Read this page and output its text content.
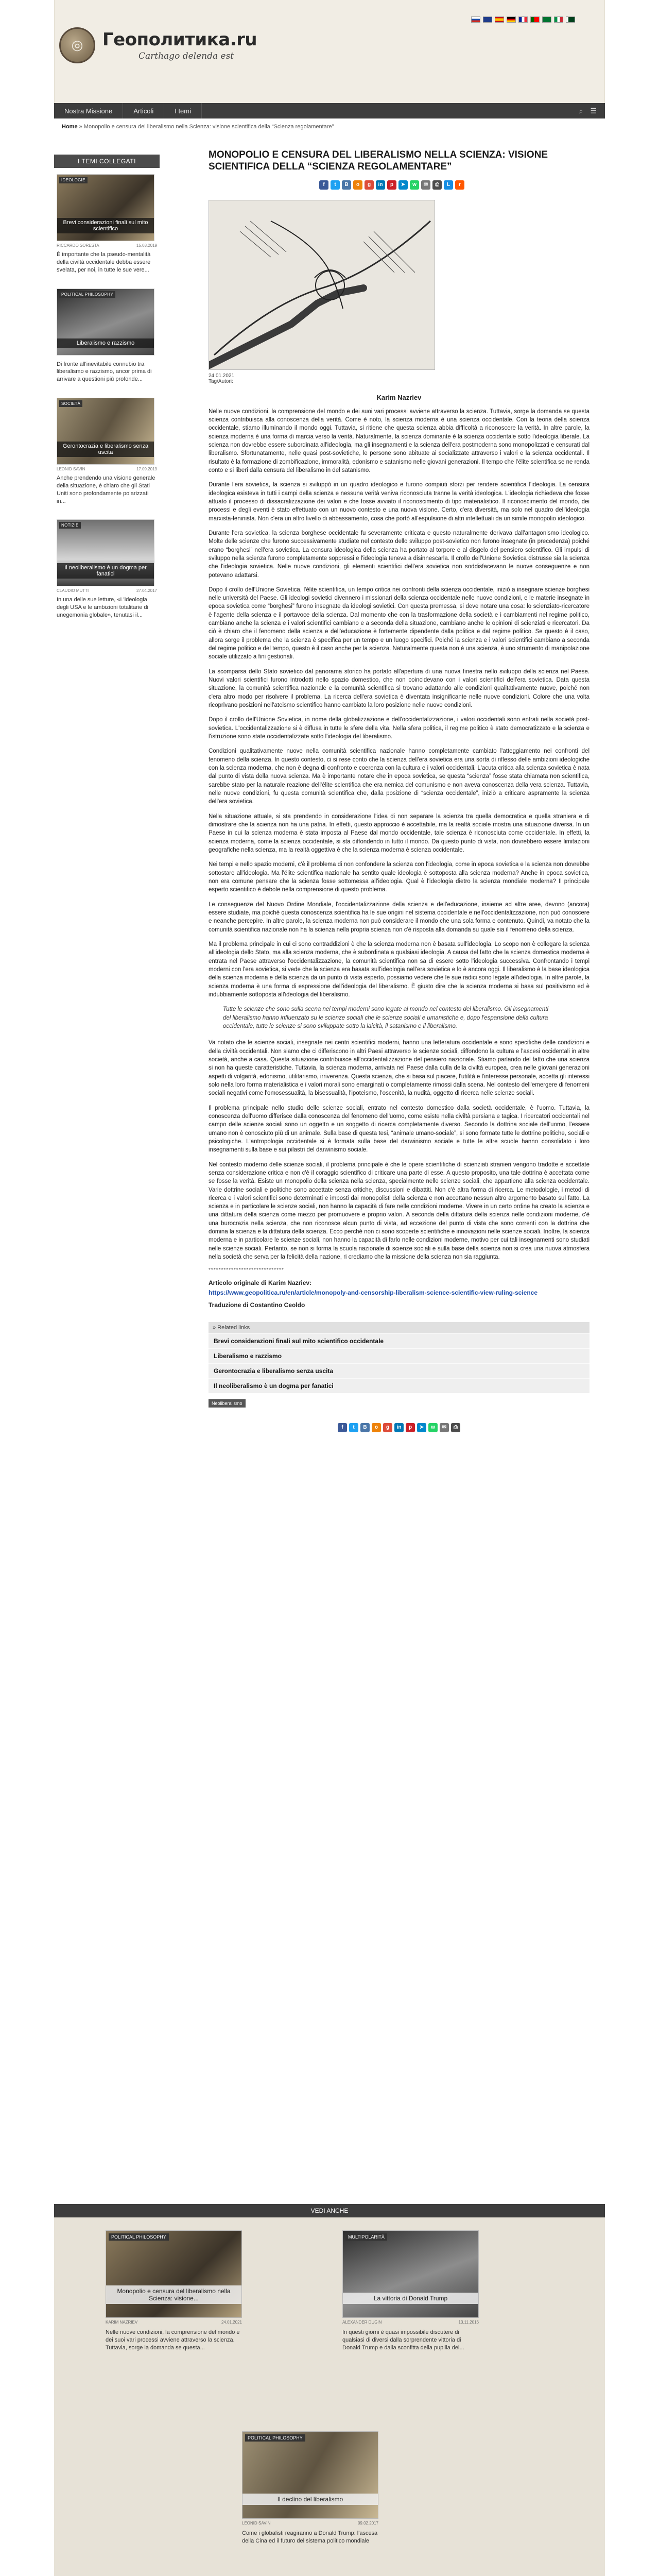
◎	Геополитика.ru
Carthago delenda est
Nostra Missione	Articoli	I temi	⌕ ☰
Home » Monopolio e censura del liberalismo nella Scienza: visione scientifica della “Scienza regolamentare”
I TEMI COLLEGATI
IDEOLOGIE
Brevi considerazioni finali sul mito scientifico
RICCARDO SORESTA	15.03.2019
È importante che la pseudo-mentalità della civiltà occidentale debba essere svelata, per noi, in tutte le sue vere...
POLITICAL PHILOSOPHY
Liberalismo e razzismo
Di fronte all'inevitabile connubio tra liberalismo e razzismo, ancor prima di arrivare a questioni più profonde...
SOCIETÀ
Gerontocrazia e liberalismo senza uscita
LEONID SAVIN	17.09.2019
Anche prendendo una visione generale della situazione, è chiaro che gli Stati Uniti sono profondamente polarizzati in...
NOTIZIE
Il neoliberalismo è un dogma per fanatici
CLAUDIO MUTTI	27.04.2017
In una delle sue letture, «L'ideologia degli USA e le ambizioni totalitarie di unegemonia globale», tenutasi il...
MONOPOLIO E CENSURA DEL LIBERALISMO NELLA SCIENZA: VISIONE SCIENTIFICA DELLA “SCIENZA REGOLAMENTARE”
f	t	B	o	g	in	p	➤	w	✉	⎙	L	r
24.01.2021
Tag/Autori:
Karim Nazriev

Nelle nuove condizioni, la comprensione del mondo e dei suoi vari processi avviene attraverso la scienza. Tuttavia, sorge la domanda se questa scienza contribuisca alla conoscenza della verità. Come è noto, la scienza moderna è una scienza occidentale. Con la teoria della scienza occidentale, stiamo illuminando il mondo oggi. Tuttavia, si ritiene che questa scienza abbia difficoltà a riconoscere la verità. In altre parole, la scienza moderna è una forma di marcia verso la verità. Naturalmente, la scienza dominante è la scienza occidentale sotto l'ideologia liberale. La scienza non dovrebbe essere subordinata all'ideologia, ma gli insegnamenti e la scienza dell'era postmoderna sono monopolizzati e censurati dal liberalismo. Sfortunatamente, nelle quasi post-sovietiche, le persone sono abituate ai socializzate attraverso i valori e la scienza occidentali. Il risultato è la formazione di zombificazione, immoralità, edonismo e satanismo nelle giovani generazioni. Il tempo che l'élite scientifica se ne renda conto e si liberi dalla censura del liberalismo in del satanismo.

Durante l'era sovietica, la scienza si sviluppò in un quadro ideologico e furono compiuti sforzi per rendere scientifica l'ideologia. La censura ideologica esisteva in tutti i campi della scienza e nessuna verità veniva riconosciuta tranne la verità ideologica. L'ideologia richiedeva che fosse attuato il processo di dissacralizzazione dei valori e che fosse avviato il riconoscimento di tipo materialistico. Il riconoscimento del mondo, dei processi e degli eventi è stato effettuato con un nuovo contesto e una nuova visione. Certo, c'era diversità, ma solo nel quadro dell'ideologia marxista-leninista. Non c'era un altro livello di abbassamento, cosa che portò all'espulsione di altri intellettuali da un simile monopolio ideologico.

Durante l'era sovietica, la scienza borghese occidentale fu severamente criticata e questo naturalmente derivava dall'antagonismo ideologico. Molte delle scienze che furono successivamente studiate nel contesto dello sviluppo post-sovietico non furono insegnate (in precedenza) poiché erano “borghesi” nell'era sovietica. La censura ideologica della scienza ha portato al torpore e al disgelo del pensiero scientifico. Gli impulsi di sviluppo nella scienza furono completamente soppressi e l'ideologia teneva a disinnescarla. Il crollo dell'Unione Sovietica distrusse sia la scienza che l'ideologia sovietica. Nelle nuove condizioni, gli elementi scientifici dell'era sovietica non soddisfacevano le nuove conseguenze e non potevano adattarsi.

Dopo il crollo dell'Unione Sovietica, l'élite scientifica, un tempo critica nei confronti della scienza occidentale, iniziò a insegnare scienze borghesi nelle università del Paese. Gli ideologi sovietici divennero i missionari della scienza occidentale nelle nuove condizioni, e le materie insegnate in epoca sovietica come “borghesi” furono insegnate da ideologi sovietici. Con questa premessa, si deve notare una cosa: lo scienziato-ricercatore è l'agente della scienza e il portavoce della scienza. Dal momento che con la trasformazione della società e i cambiamenti nel regime politico, cambiano anche la scienza e i valori scientifici cambiano e a seconda della situazione, cambiano anche le opinioni di scienziati e ricercatori. Da ciò è chiaro che il fenomeno della scienza e dell'educazione è fortemente dipendente dalla politica e dal regime politico. Se questo è il caso, allora sorge il problema che la scienza è specifica per un tempo e un luogo specifici. Poiché la scienza e i valori scientifici cambiano a seconda del regime politico e del tempo, questo è il caso anche per la scienza. Naturalmente questa non è una scienza, è uno strumento di manipolazione sociale utilizzato a fini gestionali.

La scomparsa dello Stato sovietico dal panorama storico ha portato all'apertura di una nuova finestra nello sviluppo della scienza nel Paese. Nuovi valori scientifici furono introdotti nello spazio domestico, che non coincidevano con i valori scientifici dell'era sovietica. Data questa situazione, la comunità scientifica nazionale e la comunità scientifica si trovano adattando alle condizioni qualitativamente nuove, poiché non c'era altro modo per risolvere il problema. La ricerca dell'era sovietica è diventata insignificante nelle nuove condizioni. Colore che una volta ricoprivano posizioni nell'ateismo scientifico hanno cambiato la loro posizione nelle nuove condizioni.

Dopo il crollo dell'Unione Sovietica, in nome della globalizzazione e dell'occidentalizzazione, i valori occidentali sono entrati nella società post-sovietica. L'occidentalizzazione si è diffusa in tutte le sfere della vita. Nella sfera politica, il regime politico è stato democratizzato e la scienza e l'istruzione sono state occidentalizzate sotto l'ideologia del liberalismo.

Condizioni qualitativamente nuove nella comunità scientifica nazionale hanno completamente cambiato l'atteggiamento nei confronti del fenomeno della scienza. In questo contesto, ci si rese conto che la scienza dell'era sovietica era una sorta di riflesso delle ambizioni ideologiche con la scienza moderna, che non è degna di confronto e coerenza con la cultura e i valori occidentali. L'acuta critica alla scienza sovietica è nata dal punto di vista della nuova scienza. Ma è importante notare che in epoca sovietica, se questa “scienza” fosse stata chiamata non scientifica, sarebbe stato per la naturale reazione dell'élite scientifica che era nemica del comunismo e non aveva conoscenza della vera scienza. Tuttavia, nelle nuove condizioni, fu questa comunità scientifica che, dalla posizione di “scienza occidentale”, iniziò a criticare aspramente la scienza dell'era sovietica.

Nella situazione attuale, si sta prendendo in considerazione l'idea di non separare la scienza tra quella democratica e quella straniera e di dimostrare che la scienza non ha una patria. In effetti, questo approccio è accettabile, ma la realtà sociale mostra una situazione diversa. In un Paese in cui la scienza moderna è stata imposta al Paese dal mondo occidentale, tale scienza è riconosciuta come occidentale. In effetti, la scienza moderna, come la scienza occidentale, si sta diffondendo in tutto il mondo. Da questo punto di vista, non dovrebbero essere limitazioni geografiche nella scienza, ma la realtà oggettiva è che la scienza moderna è scienza occidentale.

Nei tempi e nello spazio moderni, c'è il problema di non confondere la scienza con l'ideologia, come in epoca sovietica e la scienza non dovrebbe sottostare all'ideologia. Ma l'élite scientifica nazionale ha sentito quale ideologia è sottoposta alla scienza moderna? Anche in epoca sovietica, non era comune pensare che la scienza fosse sottomessa all'ideologia. Qual è l'ideologia dietro la scienza mondiale moderna? Il principale esperto scientifico è debole nella comprensione di questo problema.

Le conseguenze del Nuovo Ordine Mondiale, l'occidentalizzazione della scienza e dell'educazione, insieme ad altre aree, devono (ancora) essere studiate, ma poiché questa conoscenza scientifica ha le sue origini nel sistema occidentale e nell'occidentalizzazione, non può conoscere e neanche percepire. In altre parole, la scienza moderna non può considerare il mondo che una sola forma e contenuto. Quindi, va notato che la comunità scientifica nazionale non ha la scienza nella propria scienza non c'è risposta alla domanda su quale sia il fenomeno della scienza.

Ma il problema principale in cui ci sono contraddizioni è che la scienza moderna non è basata sull'ideologia. Lo scopo non è collegare la scienza all'ideologia dello Stato, ma alla scienza moderna, che è subordinata a qualsiasi ideologia. A causa del fatto che la scienza domestica moderna è entrata nel Paese attraverso l'occidentalizzazione, la comunità scientifica non sa di essere sotto l'ideologia successiva. Confrontando i tempi moderni con l'era sovietica, si vede che la scienza era basata sull'ideologia nell'era sovietica e lo è ancora oggi. Il liberalismo è la base ideologica della scienza moderna e della scienza da un punto di vista esperto, possiamo vedere che le sue radici sono legate all'ideologia. In altre parole, la scienza moderna è una forma di espressione dell'ideologia del liberalismo. È giusto dire che la scienza moderna si basa sul positivismo ed è indubbiamente sottoposta all'ideologia del liberalismo.

Tutte le scienze che sono sulla scena nei tempi moderni sono legate al mondo nel contesto del liberalismo. Gli insegnamenti del liberalismo hanno influenzato su le scienze sociali che le scienze sociali e umanistiche e, dopo l'espansione della cultura occidentale, tutte le scienze si sono sviluppate sotto la laicità, il satanismo e il liberalismo.

Va notato che le scienze sociali, insegnate nei centri scientifici moderni, hanno una letteratura occidentale e sono specifiche delle condizioni e della civiltà occidentali. Non siamo che ci differiscono in altri Paesi attraverso le scienze sociali, diffondono la cultura e l'ascesi occidentali in altre società, anche a casa. Questa situazione contribuisce all'occidentalizzazione del pensiero nazionale. Stiamo parlando del fatto che una scienza si non ha queste caratteristiche. Tuttavia, la scienza moderna, arrivata nel Paese dalla culla della civiltà europea, crea nelle giovani generazioni aspetti di volgarità, edonismo, utilitarismo, irriverenza. Questa scienza, che si basa sul piacere, l'utilità e l'interesse personale, accetta gli interessi solo nella loro forma materialistica e i valori morali sono emarginati o completamente rimossi dalla scena. Nel contesto dell'emergere di fenomeni sociali negativi come l'omosessualità, la bisessualità, l'ipoteismo, l'oscenità, la nudità, oggetto di ricerca nelle scienze sociali.

Il problema principale nello studio delle scienze sociali, entrato nel contesto domestico dalla società occidentale, è l'uomo. Tuttavia, la conoscenza dell'uomo differisce dalla conoscenza del fenomeno dell'uomo, come esiste nella civiltà persiana e tagica. I ricercatori occidentali nel campo delle scienze sociali sono un oggetto e un soggetto di ricerca completamente diverso. Secondo la dottrina sociale dell'uomo, l'essere umano non è conosciuto più di un animale. Sulla base di questa tesi, “animale umano-sociale”, si sono formate tutte le dottrine politiche, sociali e psicologiche. L'antropologia occidentale si è formata sulla base del darwinismo sociale e tutte le altre scuole hanno consolidato i loro insegnamenti sulla base e sui pilastri del darwinismo sociale.

Nel contesto moderno delle scienze sociali, il problema principale è che le opere scientifiche di scienziati stranieri vengono tradotte e accettate senza considerazione critica e non c'è il coraggio scientifico di criticare una parte di esse. A questo proposito, una tale dottrina è accettata come se fosse la verità. Esiste un monopolio della scienza nella scienza, specialmente nelle scienze sociali, che appartiene alla scienza occidentale. Varie dottrine sociali e politiche sono accettate senza critiche, discussioni e dibattiti. Non c'è altra forma di ricerca. Le metodologie, i metodi di ricerca e i valori scientifici sono determinati e imposti dai monopolisti della scienza e non accettano nessun altro argomento basato sul fatto. La scienza e in particolare le scienze sociali, non hanno la capacità di fare nelle condizioni moderne. Vivere in un certo ordine ha creato la scienza e una dittatura della scienza come mezzo per promuovere e proprio valori. A seconda della dittatura della scienza nelle condizioni moderne, c'è una burocrazia nella scienza, che non riconosce alcun punto di vista, ad eccezione del punto di vista che sono correnti con la dottrina che domina la scienza e la dittatura della scienza. Ecco perché non ci sono scoperte scientifiche e innovazioni nelle scienze sociali. Inoltre, la scienza moderna e in particolare le scienze sociali, non hanno la capacità di farlo nelle condizioni moderne, motivo per cui tali insegnamenti sono studiati nelle scienze sociali. Pertanto, se non si forma la scuola nazionale di scienze sociali e sulla base della scienza non si crea una nuova atmosfera nella società che serva per la felicità della nazione, ri crediamo che la missione della scienza non sia raggiunta.

******************************
Articolo originale di Karim Nazriev:
https://www.geopolitica.ru/en/article/monopoly-and-censorship-liberalism-science-scientific-view-ruling-science
Traduzione di Costantino Ceoldo
» Related links
Brevi considerazioni finali sul mito scientifico occidentale
Liberalismo e razzismo
Gerontocrazia e liberalismo senza uscita
Il neoliberalismo è un dogma per fanatici
Neoliberalismo
f	t	B	o	g	in	p	➤	w	✉	⎙
VEDI ANCHE
POLITICAL PHILOSOPHY
Monopolio e censura del liberalismo nella Scienza: visione...
KARIM NAZRIEV	24.01.2021
Nelle nuove condizioni, la comprensione del mondo e dei suoi vari processi avviene attraverso la scienza. Tuttavia, sorge la domanda se questa...
MULTIPOLARITÀ
La vittoria di Donald Trump
ALEXANDER DUGIN	13.11.2016
In questi giorni è quasi impossibile discutere di qualsiasi di diversi dalla sorprendente vittoria di Donald Trump e dalla sconfitta della pupilla del...
POLITICAL PHILOSOPHY
Il declino del liberalismo
LEONID SAVIN	09.02.2017
Come i globalisti reagiranno a Donald Trump: l'ascesa della Cina ed il futuro del sistema politico mondiale
